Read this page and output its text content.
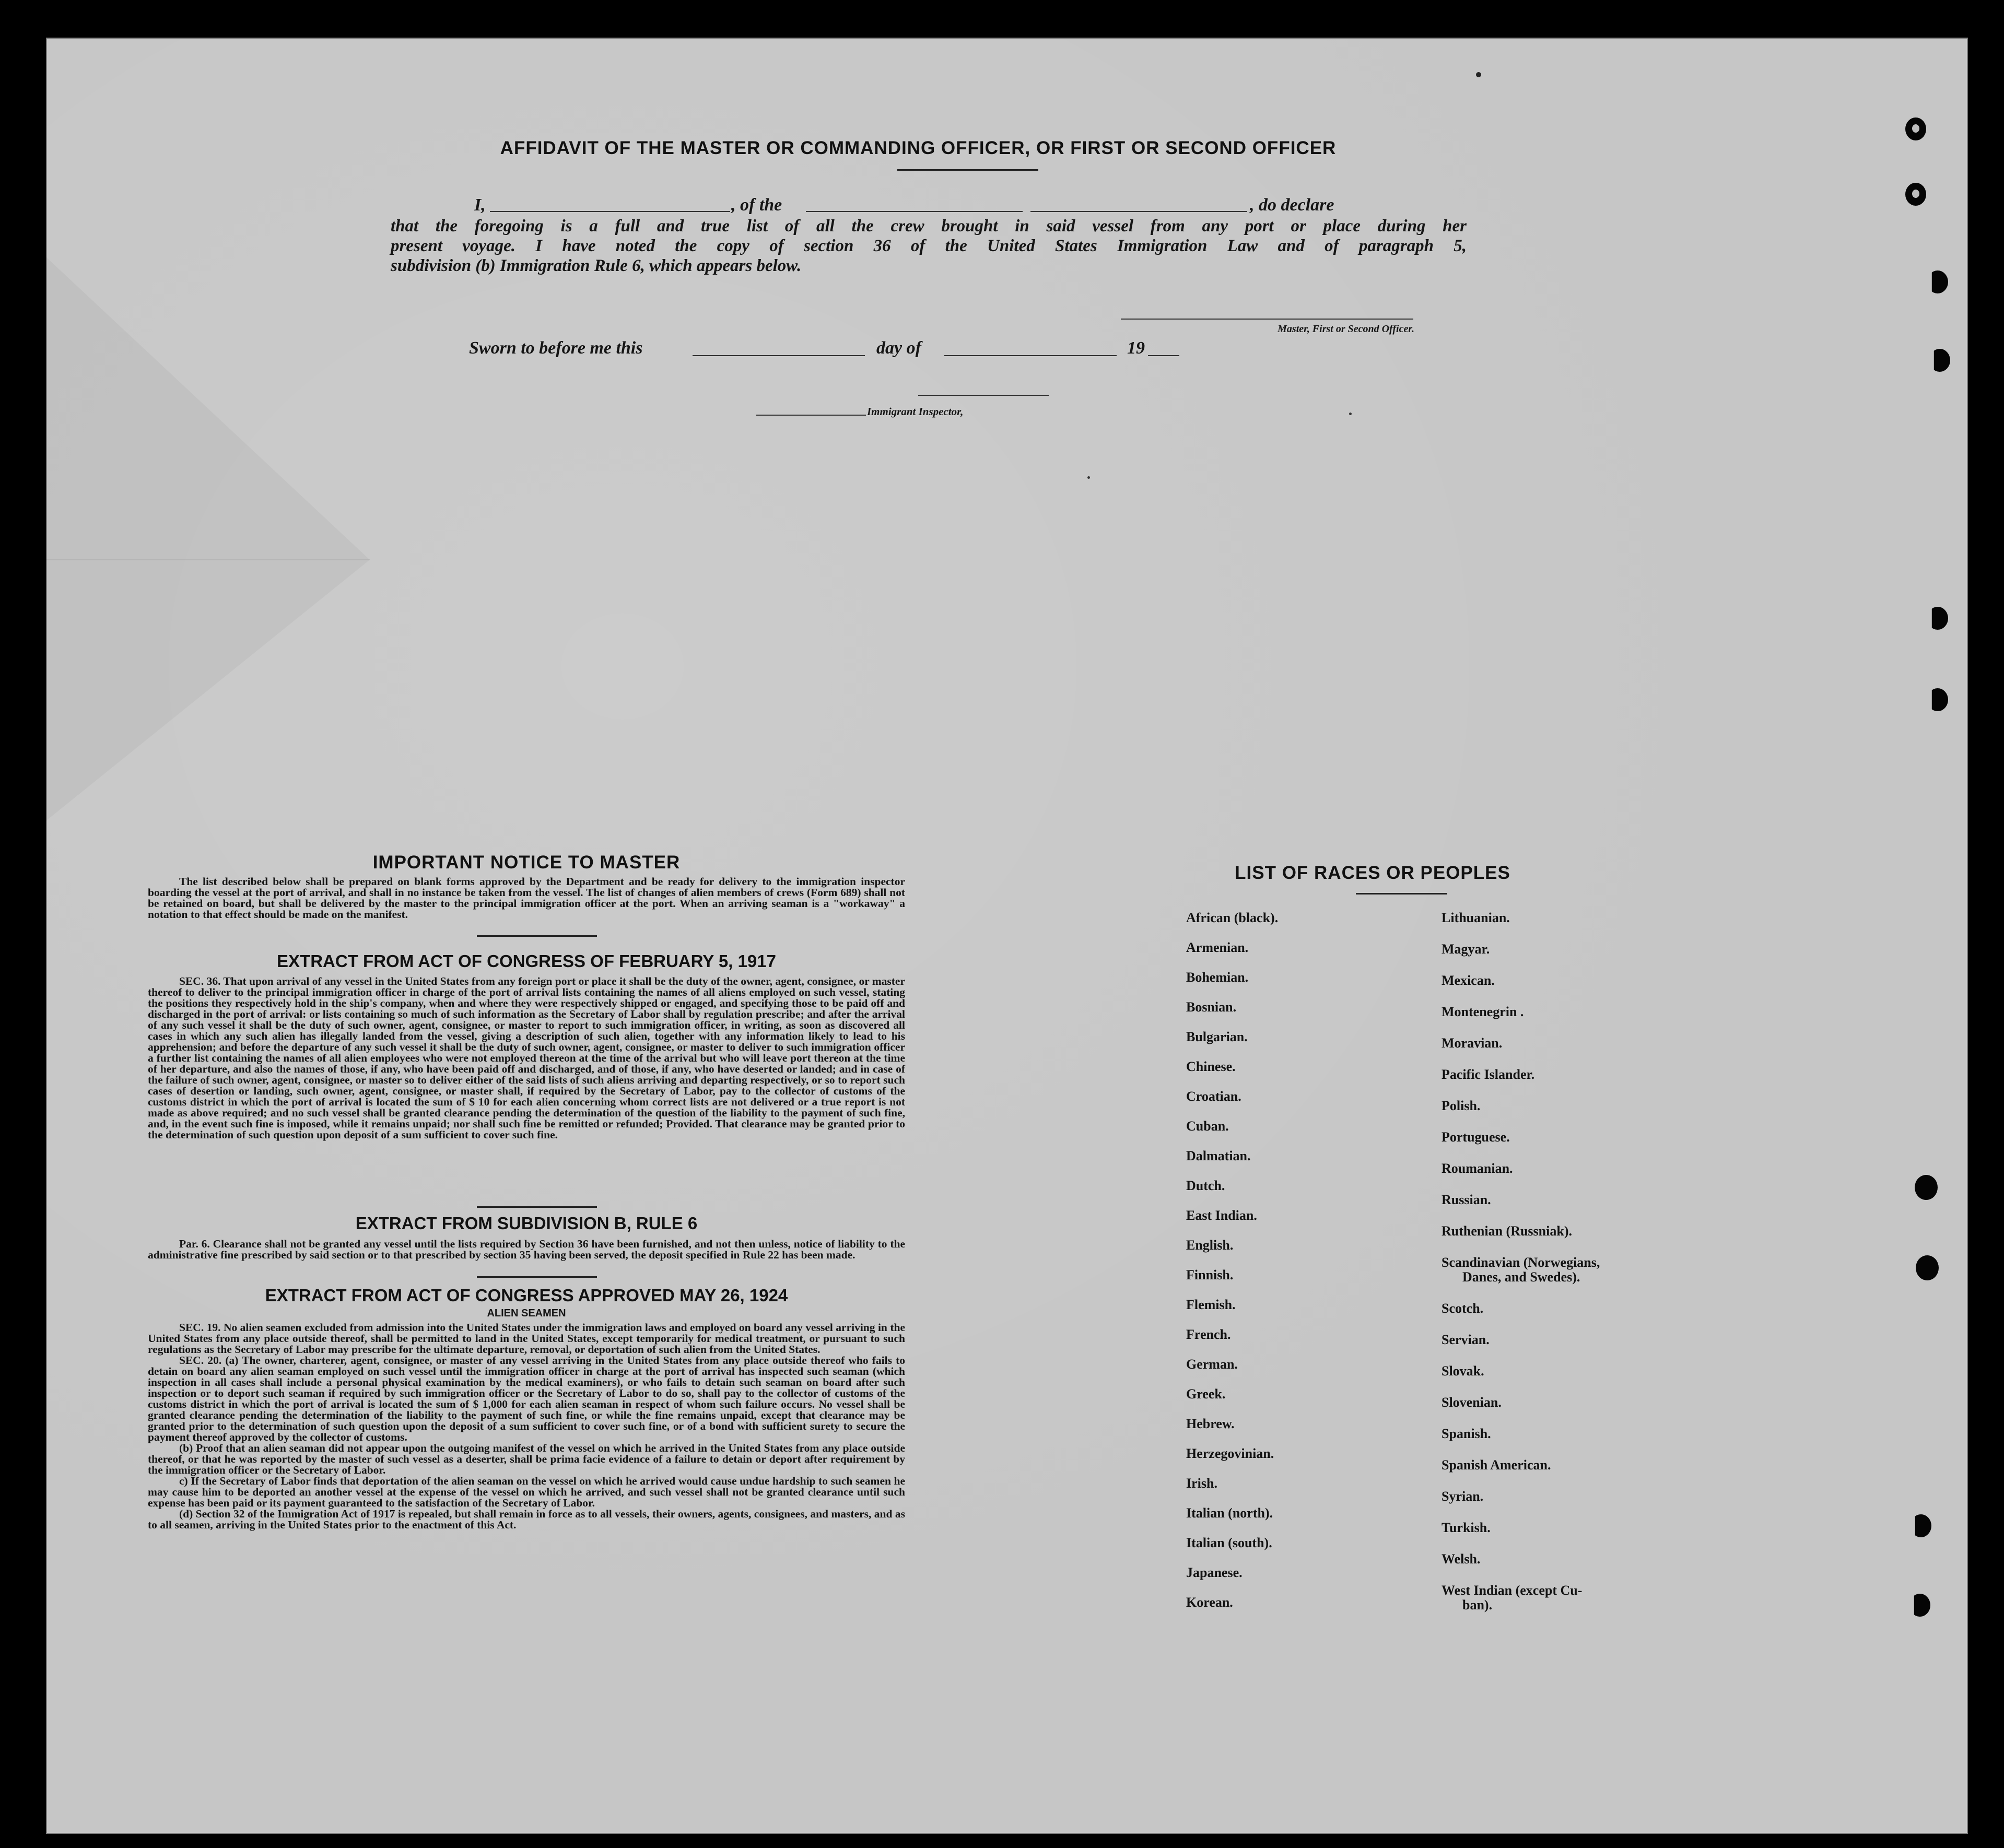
AFFIDAVIT OF THE MASTER OR COMMANDING OFFICER, OR FIRST OR SECOND OFFICER
I,	, of the	, do declare
that the foregoing is a full and true list of all the crew brought in said vessel from any port or place during her
present voyage. I have noted the copy of section 36 of the United States Immigration Law and of paragraph 5,
subdivision (b) Immigration Rule 6, which appears below.
Master, First or Second Officer.
Sworn to before me this	day of	19
Immigrant Inspector,
IMPORTANT NOTICE TO MASTER

The list described below shall be prepared on blank forms approved by the Department and be ready for delivery to the immigration inspector boarding the vessel at the port of arrival, and shall in no instance be taken from the vessel. The list of changes of alien members of crews (Form 689) shall not be retained on board, but shall be delivered by the master to the principal immigration officer at the port. When an arriving seaman is a "workaway" a notation to that effect should be made on the manifest.

EXTRACT FROM ACT OF CONGRESS OF FEBRUARY 5, 1917

SEC. 36. That upon arrival of any vessel in the United States from any foreign port or place it shall be the duty of the owner, agent, consignee, or master thereof to deliver to the principal immigration officer in charge of the port of arrival lists containing the names of all aliens employed on such vessel, stating the positions they respectively hold in the ship's company, when and where they were respectively shipped or engaged, and specifying those to be paid off and discharged in the port of arrival: or lists containing so much of such information as the Secretary of Labor shall by regulation prescribe; and after the arrival of any such vessel it shall be the duty of such owner, agent, consignee, or master to report to such immigration officer, in writing, as soon as discovered all cases in which any such alien has illegally landed from the vessel, giving a description of such alien, together with any information likely to lead to his apprehension; and before the departure of any such vessel it shall be the duty of such owner, agent, consignee, or master to deliver to such immigration officer a further list containing the names of all alien employees who were not employed thereon at the time of the arrival but who will leave port thereon at the time of her departure, and also the names of those, if any, who have been paid off and discharged, and of those, if any, who have deserted or landed; and in case of the failure of such owner, agent, consignee, or master so to deliver either of the said lists of such aliens arriving and departing respectively, or so to report such cases of desertion or landing, such owner, agent, consignee, or master shall, if required by the Secretary of Labor, pay to the collector of customs of the customs district in which the port of arrival is located the sum of $ 10 for each alien concerning whom correct lists are not delivered or a true report is not made as above required; and no such vessel shall be granted clearance pending the determination of the question of the liability to the payment of such fine, and, in the event such fine is imposed, while it remains unpaid; nor shall such fine be remitted or refunded; Provided. That clearance may be granted prior to the determination of such question upon deposit of a sum sufficient to cover such fine.

EXTRACT FROM SUBDIVISION B, RULE 6

Par. 6. Clearance shall not be granted any vessel until the lists required by Section 36 have been furnished, and not then unless, notice of liability to the administrative fine prescribed by said section or to that prescribed by section 35 having been served, the deposit specified in Rule 22 has been made.

EXTRACT FROM ACT OF CONGRESS APPROVED MAY 26, 1924
ALIEN SEAMEN

SEC. 19. No alien seamen excluded from admission into the United States under the immigration laws and employed on board any vessel arriving in the United States from any place outside thereof, shall be permitted to land in the United States, except temporarily for medical treatment, or pursuant to such regulations as the Secretary of Labor may prescribe for the ultimate departure, removal, or deportation of such alien from the United States.

SEC. 20. (a) The owner, charterer, agent, consignee, or master of any vessel arriving in the United States from any place outside thereof who fails to detain on board any alien seaman employed on such vessel until the immigration officer in charge at the port of arrival has inspected such seaman (which inspection in all cases shall include a personal physical examination by the medical examiners), or who fails to detain such seaman on board after such inspection or to deport such seaman if required by such immigration officer or the Secretary of Labor to do so, shall pay to the collector of customs of the customs district in which the port of arrival is located the sum of $ 1,000 for each alien seaman in respect of whom such failure occurs. No vessel shall be granted clearance pending the determination of the liability to the payment of such fine, or while the fine remains unpaid, except that clearance may be granted prior to the determination of such question upon the deposit of a sum sufficient to cover such fine, or of a bond with sufficient surety to secure the payment thereof approved by the collector of customs.

(b) Proof that an alien seaman did not appear upon the outgoing manifest of the vessel on which he arrived in the United States from any place outside thereof, or that he was reported by the master of such vessel as a deserter, shall be prima facie evidence of a failure to detain or deport after requirement by the immigration officer or the Secretary of Labor.

c) If the Secretary of Labor finds that deportation of the alien seaman on the vessel on which he arrived would cause undue hardship to such seamen he may cause him to be deported an another vessel at the expense of the vessel on which he arrived, and such vessel shall not be granted clearance until such expense has been paid or its payment guaranteed to the satisfaction of the Secretary of Labor.

(d) Section 32 of the Immigration Act of 1917 is repealed, but shall remain in force as to all vessels, their owners, agents, consignees, and masters, and as to all seamen, arriving in the United States prior to the enactment of this Act.

LIST OF RACES OR PEOPLES
African (black).
Armenian.
Bohemian.
Bosnian.
Bulgarian.
Chinese.
Croatian.
Cuban.
Dalmatian.
Dutch.
East Indian.
English.
Finnish.
Flemish.
French.
German.
Greek.
Hebrew.
Herzegovinian.
Irish.
Italian (north).
Italian (south).
Japanese.
Korean.
Lithuanian.
Magyar.
Mexican.
Montenegrin .
Moravian.
Pacific Islander.
Polish.
Portuguese.
Roumanian.
Russian.
Ruthenian (Russniak).
Scandinavian (Norwegians,
Danes, and Swedes).
Scotch.
Servian.
Slovak.
Slovenian.
Spanish.
Spanish American.
Syrian.
Turkish.
Welsh.
West Indian (except Cu-
ban).
